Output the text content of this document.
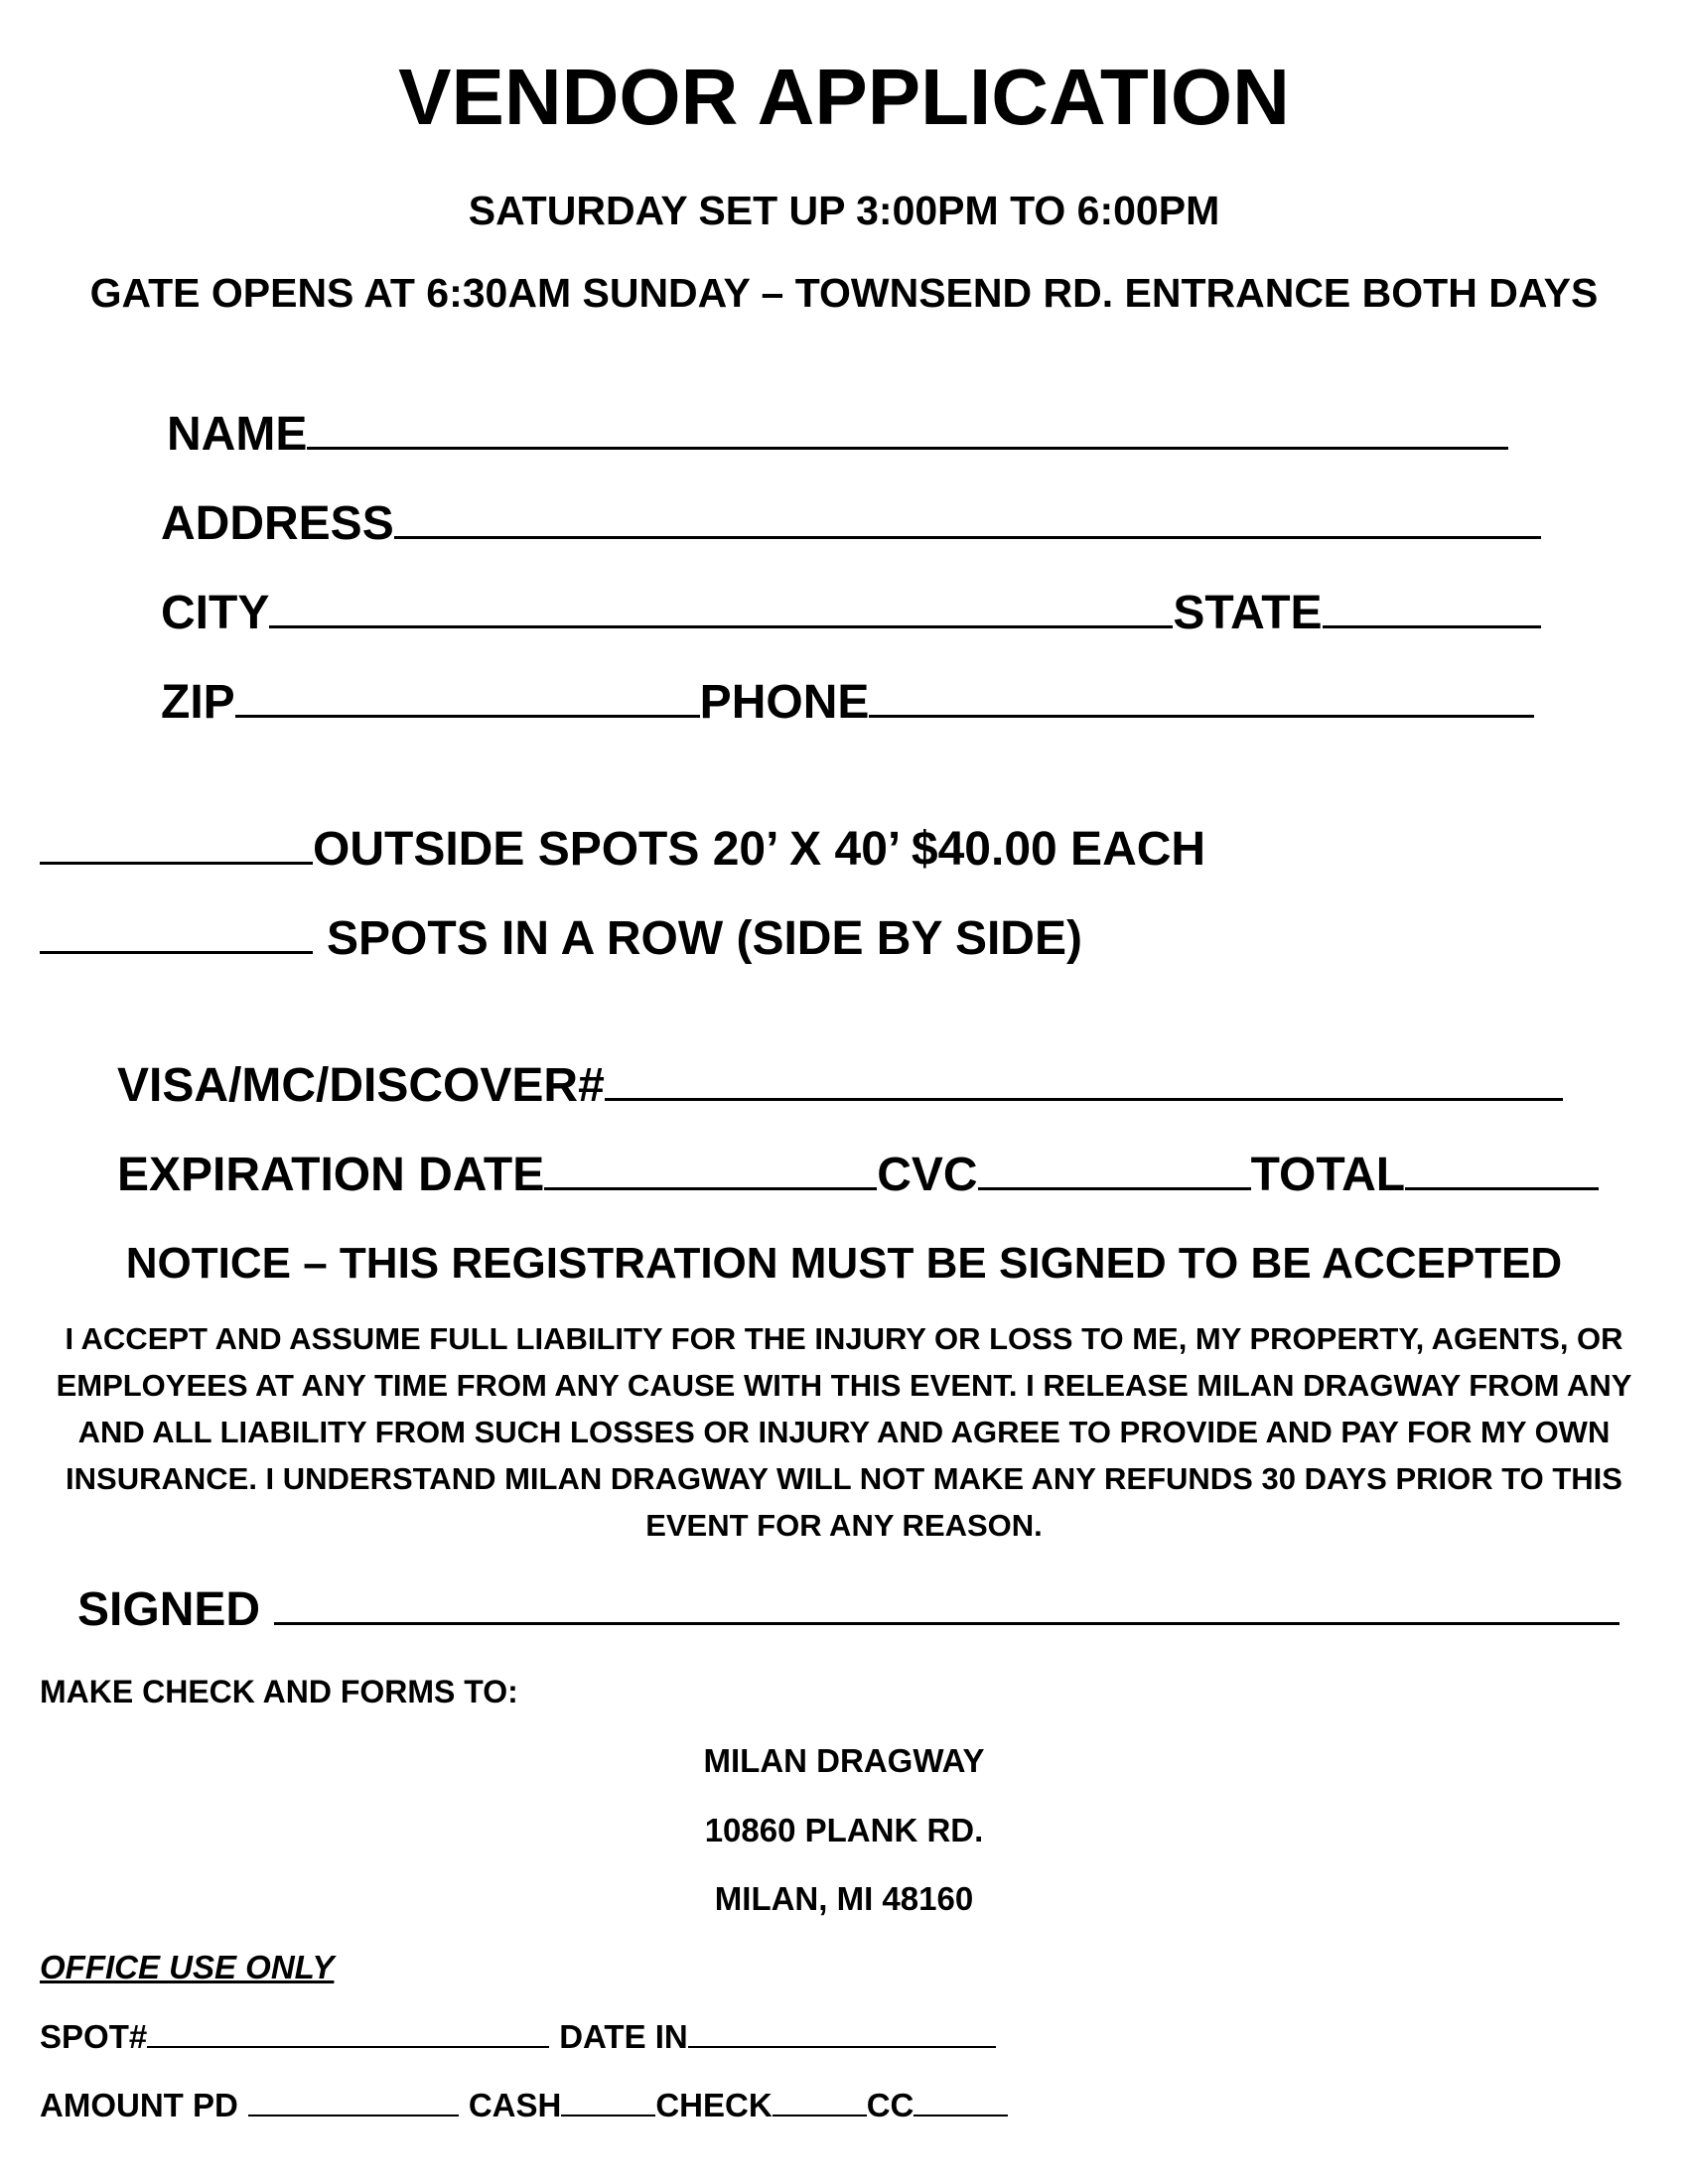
VENDOR APPLICATION
SATURDAY SET UP 3:00PM TO 6:00PM
GATE OPENS AT 6:30AM SUNDAY – TOWNSEND RD. ENTRANCE BOTH DAYS
NAME
ADDRESS
CITY	STATE
ZIP	PHONE
OUTSIDE SPOTS 20’ X 40’ $40.00 EACH
SPOTS IN A ROW (SIDE BY SIDE)
VISA/MC/DISCOVER#
EXPIRATION DATE	CVC	TOTAL
NOTICE – THIS REGISTRATION MUST BE SIGNED TO BE ACCEPTED
I ACCEPT AND ASSUME FULL LIABILITY FOR THE INJURY OR LOSS TO ME, MY PROPERTY, AGENTS, OR EMPLOYEES AT ANY TIME FROM ANY CAUSE WITH THIS EVENT. I RELEASE MILAN DRAGWAY FROM ANY AND ALL LIABILITY FROM SUCH LOSSES OR INJURY AND AGREE TO PROVIDE AND PAY FOR MY OWN INSURANCE. I UNDERSTAND MILAN DRAGWAY WILL NOT MAKE ANY REFUNDS 30 DAYS PRIOR TO THIS EVENT FOR ANY REASON.
SIGNED
MAKE CHECK AND FORMS TO:
MILAN DRAGWAY
10860 PLANK RD.
MILAN, MI 48160
OFFICE USE ONLY
SPOT#	DATE IN
AMOUNT PD	CASH	CHECK	CC
